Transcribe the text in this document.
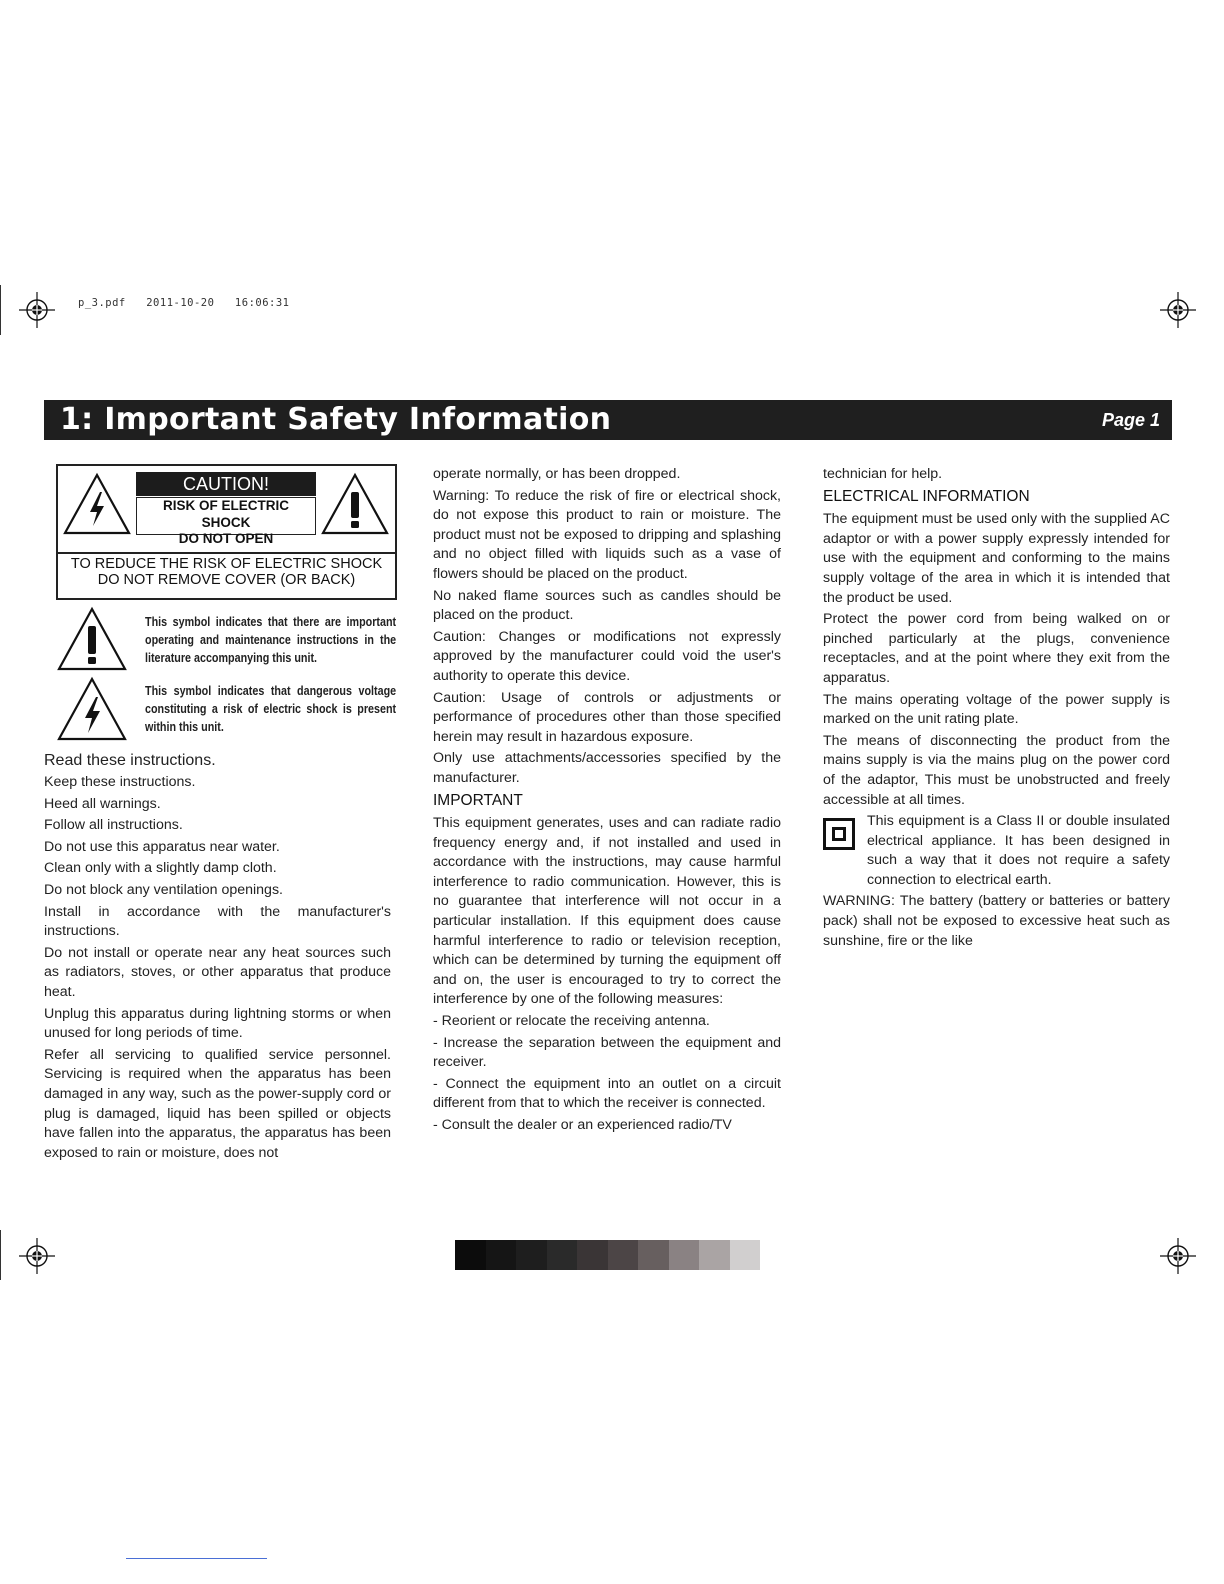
p_3.pdf 2011-10-20 16:06:31
1: Important Safety Information	Page 1
CAUTION!
RISK OF ELECTRIC SHOCK
DO NOT OPEN
TO REDUCE THE RISK OF ELECTRIC SHOCK
DO NOT REMOVE COVER (OR BACK)
This symbol indicates that there are important operating and maintenance instructions in the literature accompanying this unit.
This symbol indicates that dangerous voltage constituting a risk of electric shock is present within this unit.

Read these instructions.

Keep these instructions.

Heed all warnings.

Follow all instructions.

Do not use this apparatus near water.

Clean only with a slightly damp cloth.

Do not block any ventilation openings.

Install in accordance with the manufacturer's instructions.

Do not install or operate near any heat sources such as radiators, stoves, or other apparatus that produce heat.

Unplug this apparatus during lightning storms or when unused for long periods of time.

Refer all servicing to qualified service personnel. Servicing is required when the apparatus has been damaged in any way, such as the power-supply cord or plug is damaged, liquid has been spilled or objects have fallen into the apparatus, the apparatus has been exposed to rain or moisture, does not

operate normally, or has been dropped.

Warning: To reduce the risk of fire or electrical shock, do not expose this product to rain or moisture. The product must not be exposed to dripping and splashing and no object filled with liquids such as a vase of flowers should be placed on the product.

No naked flame sources such as candles should be placed on the product.

Caution: Changes or modifications not expressly approved by the manufacturer could void the user's authority to operate this device.

Caution: Usage of controls or adjustments or performance of procedures other than those specified herein may result in hazardous exposure.

Only use attachments/accessories specified by the manufacturer.

IMPORTANT

This equipment generates, uses and can radiate radio frequency energy and, if not installed and used in accordance with the instructions, may cause harmful interference to radio communication. However, this is no guarantee that interference will not occur in a particular installation. If this equipment does cause harmful interference to radio or television reception, which can be determined by turning the equipment off and on, the user is encouraged to try to correct the interference by one of the following measures:

- Reorient or relocate the receiving antenna.

- Increase the separation between the equipment and receiver.

- Connect the equipment into an outlet on a circuit different from that to which the receiver is connected.

- Consult the dealer or an experienced radio/TV

technician for help.

ELECTRICAL INFORMATION

The equipment must be used only with the supplied AC adaptor or with a power supply expressly intended for use with the equipment and conforming to the mains supply voltage of the area in which it is intended that the product be used.

Protect the power cord from being walked on or pinched particularly at the plugs, convenience receptacles, and at the point where they exit from the apparatus.

The mains operating voltage of the power supply is marked on the unit rating plate.

The means of disconnecting the product from the mains supply is via the mains plug on the power cord of the adaptor, This must be unobstructed and freely accessible at all times.

This equipment is a Class II or double insulated electrical appliance. It has been designed in such a way that it does not require a safety connection to electrical earth.

WARNING: The battery (battery or batteries or battery pack) shall not be exposed to excessive heat such as sunshine, fire or the like
